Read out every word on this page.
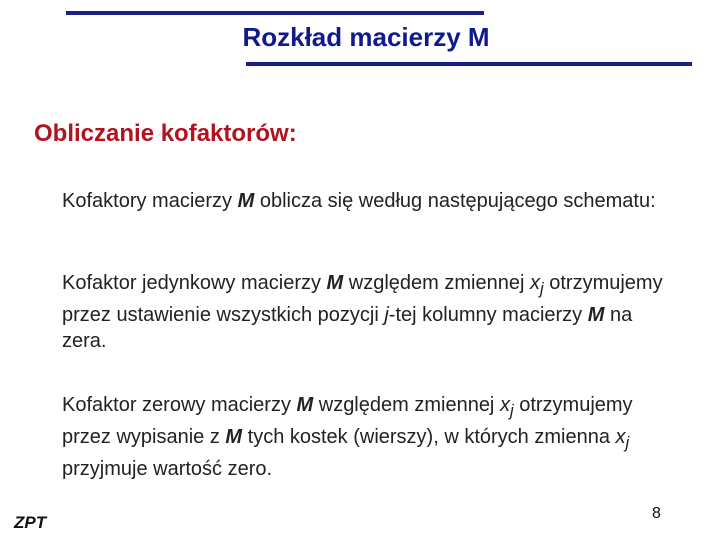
Rozkład macierzy M
Obliczanie kofaktorów:
Kofaktory macierzy M oblicza się według następującego schematu:
Kofaktor jedynkowy macierzy M względem zmiennej $x_j$ otrzymujemy przez ustawienie wszystkich pozycji j-tej kolumny macierzy M na zera.
Kofaktor zerowy macierzy M względem zmiennej $x_j$ otrzymujemy przez wypisanie z M tych kostek (wierszy), w których zmienna $x_j$ przyjmuje wartość zero.
ZPT	8
